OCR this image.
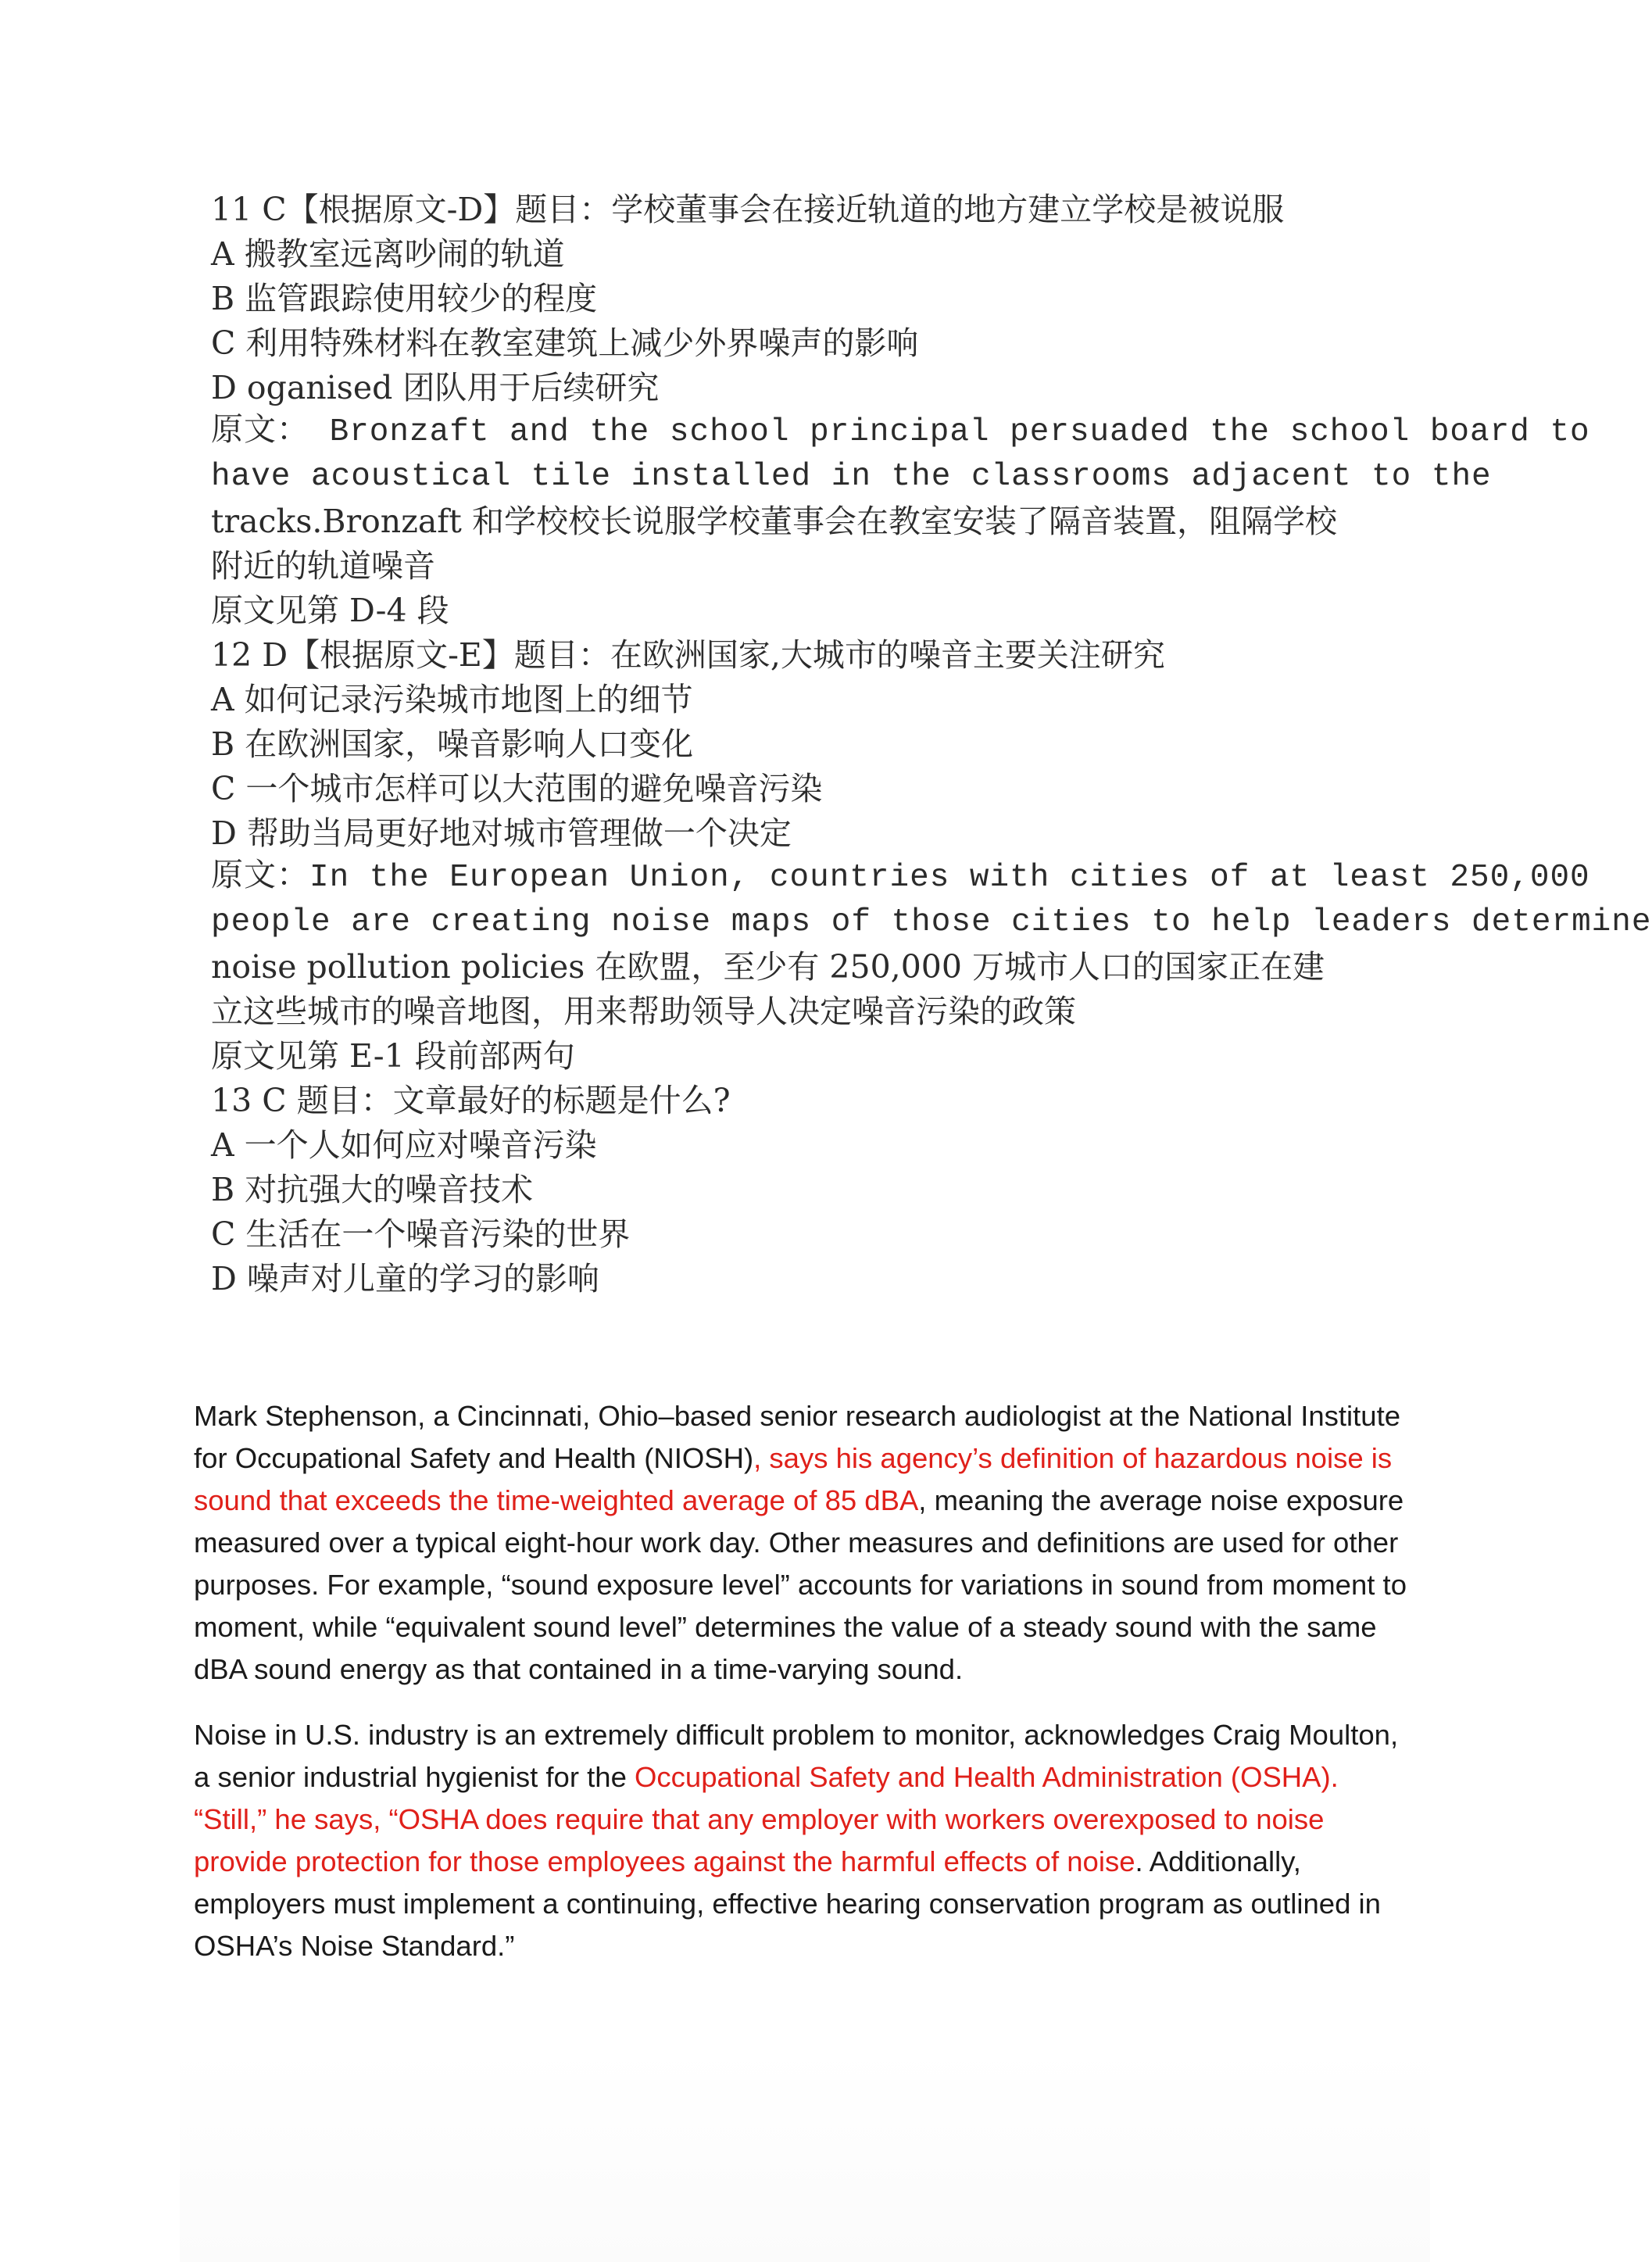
11 C【根据原文-D】题目：学校董事会在接近轨道的地方建立学校是被说服
A 搬教室远离吵闹的轨道
B 监管跟踪使用较少的程度
C 利用特殊材料在教室建筑上减少外界噪声的影响
D oganised 团队用于后续研究
原文： Bronzaft and the school principal persuaded the school board to
have acoustical tile installed in the classrooms adjacent to the
tracks.Bronzaft 和学校校长说服学校董事会在教室安装了隔音装置，阻隔学校
附近的轨道噪音
原文见第 D-4 段
12 D【根据原文-E】题目：在欧洲国家,大城市的噪音主要关注研究
A 如何记录污染城市地图上的细节
B 在欧洲国家，噪音影响人口变化
C 一个城市怎样可以大范围的避免噪音污染
D 帮助当局更好地对城市管理做一个决定
原文：In the European Union, countries with cities of at least 250,000
people are creating noise maps of those cities to help leaders determine
noise pollution policies 在欧盟，至少有 250,000 万城市人口的国家正在建
立这些城市的噪音地图，用来帮助领导人决定噪音污染的政策
原文见第 E-1 段前部两句
13 C 题目：文章最好的标题是什么?
A 一个人如何应对噪音污染
B 对抗强大的噪音技术
C 生活在一个噪音污染的世界
D 噪声对儿童的学习的影响

Mark Stephenson, a Cincinnati, Ohio–based senior research audiologist at the National Institute for Occupational Safety and Health (NIOSH), says his agency’s definition of hazardous noise is sound that exceeds the time-weighted average of 85 dBA, meaning the average noise exposure measured over a typical eight-hour work day. Other measures and definitions are used for other purposes. For example, “sound exposure level” accounts for variations in sound from moment to moment, while “equivalent sound level” determines the value of a steady sound with the same dBA sound energy as that contained in a time-varying sound.

Noise in U.S. industry is an extremely difficult problem to monitor, acknowledges Craig Moulton, a senior industrial hygienist for the Occupational Safety and Health Administration (OSHA). “Still,” he says, “OSHA does require that any employer with workers overexposed to noise provide protection for those employees against the harmful effects of noise. Additionally, employers must implement a continuing, effective hearing conservation program as outlined in OSHA’s Noise Standard.”
